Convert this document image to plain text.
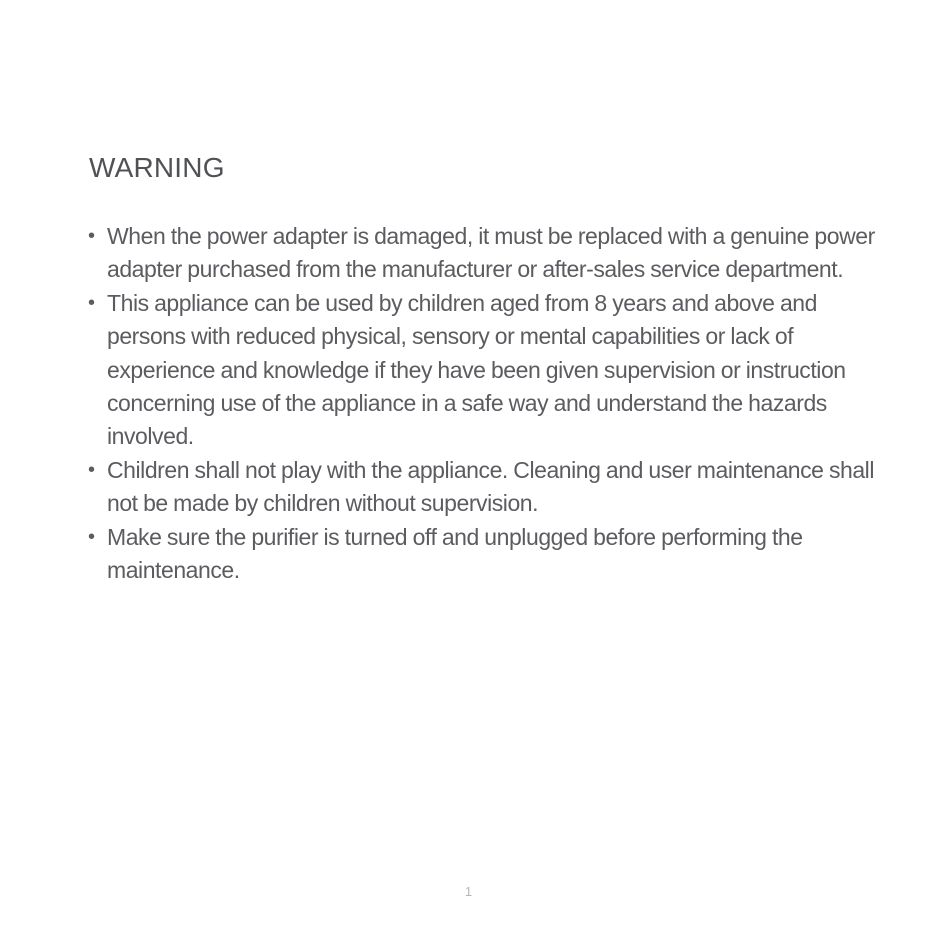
WARNING
• When the power adapter is damaged, it must be replaced with a genuine power adapter purchased from the manufacturer or after-sales service department.
• This appliance can be used by children aged from 8 years and above and persons with reduced physical, sensory or mental capabilities or lack of experience and knowledge if they have been given supervision or instruction concerning use of the appliance in a safe way and understand the hazards involved.
• Children shall not play with the appliance. Cleaning and user maintenance shall not be made by children without supervision.
• Make sure the purifier is turned off and unplugged before performing the maintenance.
1
